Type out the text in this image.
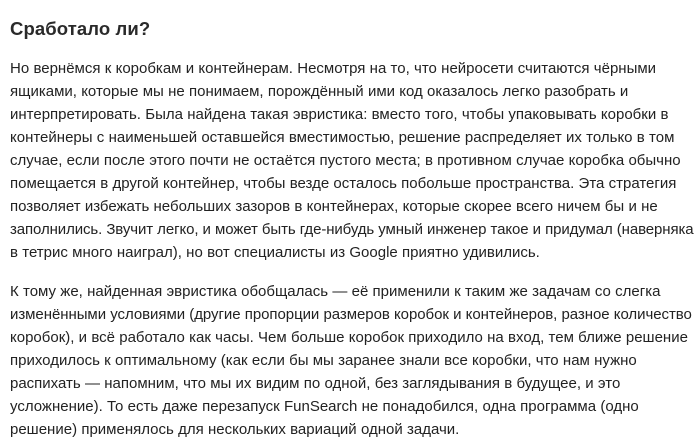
Сработало ли?

Но вернёмся к коробкам и контейнерам. Несмотря на то, что нейросети считаются чёрными
ящиками, которые мы не понимаем, порождённый ими код оказалось легко разобрать и
интерпретировать. Была найдена такая эвристика: вместо того, чтобы упаковывать коробки в
контейнеры с наименьшей оставшейся вместимостью, решение распределяет их только в том
случае, если после этого почти не остаётся пустого места; в противном случае коробка обычно
помещается в другой контейнер, чтобы везде осталось побольше пространства. Эта стратегия
позволяет избежать небольших зазоров в контейнерах, которые скорее всего ничем бы и не
заполнились. Звучит легко, и может быть где-нибудь умный инженер такое и придумал (наверняка
в тетрис много наиграл), но вот специалисты из Google приятно удивились.

К тому же, найденная эвристика обобщалась — её применили к таким же задачам со слегка
изменёнными условиями (другие пропорции размеров коробок и контейнеров, разное количество
коробок), и всё работало как часы. Чем больше коробок приходило на вход, тем ближе решение
приходилось к оптимальному (как если бы мы заранее знали все коробки, что нам нужно
распихать — напомним, что мы их видим по одной, без заглядывания в будущее, и это
усложнение). То есть даже перезапуск FunSearch не понадобился, одна программа (одно
решение) применялось для нескольких вариаций одной задачи.
